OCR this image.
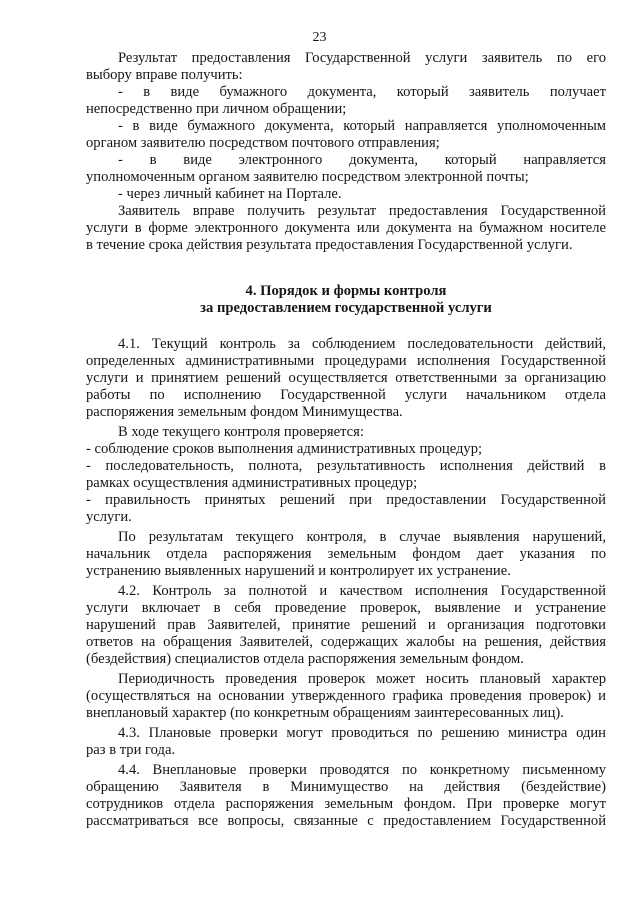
23
Результат предоставления Государственной услуги заявитель по его
выбору вправе получить:
- в виде бумажного документа, который заявитель получает
непосредственно при личном обращении;
- в виде бумажного документа, который направляется уполномоченным
органом заявителю посредством почтового отправления;
- в виде электронного документа, который направляется
уполномоченным органом заявителю посредством электронной почты;
- через личный кабинет на Портале.
Заявитель вправе получить результат предоставления Государственной
услуги в форме электронного документа или документа на бумажном носителе
в течение срока действия результата предоставления Государственной услуги.
4. Порядок и формы контроля
за предоставлением государственной услуги
4.1. Текущий контроль за соблюдением последовательности действий,
определенных административными процедурами исполнения Государственной
услуги и принятием решений осуществляется ответственными за организацию
работы по исполнению Государственной услуги начальником отдела
распоряжения земельным фондом Минимущества.
В ходе текущего контроля проверяется:
- соблюдение сроков выполнения административных процедур;
- последовательность, полнота, результативность исполнения действий в
рамках осуществления административных процедур;
- правильность принятых решений при предоставлении Государственной
услуги.
По результатам текущего контроля, в случае выявления нарушений,
начальник отдела распоряжения земельным фондом дает указания по
устранению выявленных нарушений и контролирует их устранение.
4.2. Контроль за полнотой и качеством исполнения Государственной
услуги включает в себя проведение проверок, выявление и устранение
нарушений прав Заявителей, принятие решений и организация подготовки
ответов на обращения Заявителей, содержащих жалобы на решения, действия
(бездействия) специалистов отдела распоряжения земельным фондом.
Периодичность проведения проверок может носить плановый характер
(осуществляться на основании утвержденного графика проведения проверок) и
внеплановый характер (по конкретным обращениям заинтересованных лиц).
4.3. Плановые проверки могут проводиться по решению министра один
раз в три года.
4.4. Внеплановые проверки проводятся по конкретному письменному
обращению Заявителя в Минимущество на действия (бездействие)
сотрудников отдела распоряжения земельным фондом. При проверке могут
рассматриваться все вопросы, связанные с предоставлением Государственной
